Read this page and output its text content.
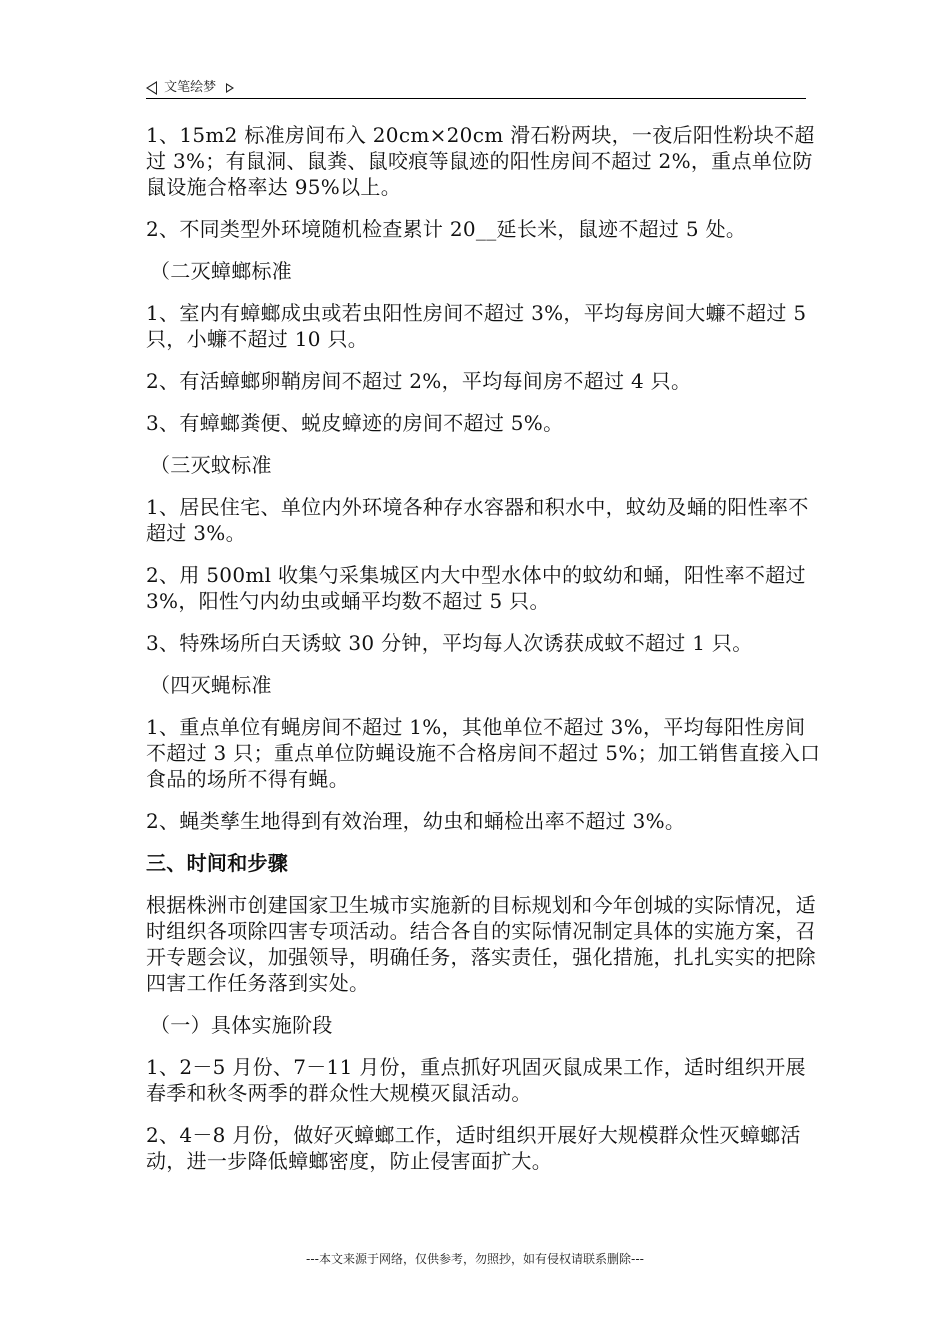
文笔绘梦

1、15m2 标准房间布入 20cm×20cm 滑石粉两块，一夜后阳性粉块不超过 3%；有鼠洞、鼠粪、鼠咬痕等鼠迹的阳性房间不超过 2%，重点单位防鼠设施合格率达 95%以上。

2、不同类型外环境随机检查累计 20__延长米，鼠迹不超过 5 处。

（二灭蟑螂标准

1、室内有蟑螂成虫或若虫阳性房间不超过 3%，平均每房间大蠊不超过 5 只，小蠊不超过 10 只。

2、有活蟑螂卵鞘房间不超过 2%，平均每间房不超过 4 只。

3、有蟑螂粪便、蜕皮蟑迹的房间不超过 5%。

（三灭蚊标准

1、居民住宅、单位内外环境各种存水容器和积水中，蚊幼及蛹的阳性率不超过 3%。

2、用 500ml 收集勺采集城区内大中型水体中的蚊幼和蛹，阳性率不超过 3%，阳性勺内幼虫或蛹平均数不超过 5 只。

3、特殊场所白天诱蚊 30 分钟，平均每人次诱获成蚊不超过 1 只。

（四灭蝇标准

1、重点单位有蝇房间不超过 1%，其他单位不超过 3%，平均每阳性房间不超过 3 只；重点单位防蝇设施不合格房间不超过 5%；加工销售直接入口食品的场所不得有蝇。

2、蝇类孳生地得到有效治理，幼虫和蛹检出率不超过 3%。

三、时间和步骤

根据株洲市创建国家卫生城市实施新的目标规划和今年创城的实际情况，适时组织各项除四害专项活动。结合各自的实际情况制定具体的实施方案，召开专题会议，加强领导，明确任务，落实责任，强化措施，扎扎实实的把除四害工作任务落到实处。

（一）具体实施阶段

1、2－5 月份、7－11 月份，重点抓好巩固灭鼠成果工作，适时组织开展春季和秋冬两季的群众性大规模灭鼠活动。

2、4－8 月份，做好灭蟑螂工作，适时组织开展好大规模群众性灭蟑螂活动，进一步降低蟑螂密度，防止侵害面扩大。

---本文来源于网络，仅供参考，勿照抄，如有侵权请联系删除---
